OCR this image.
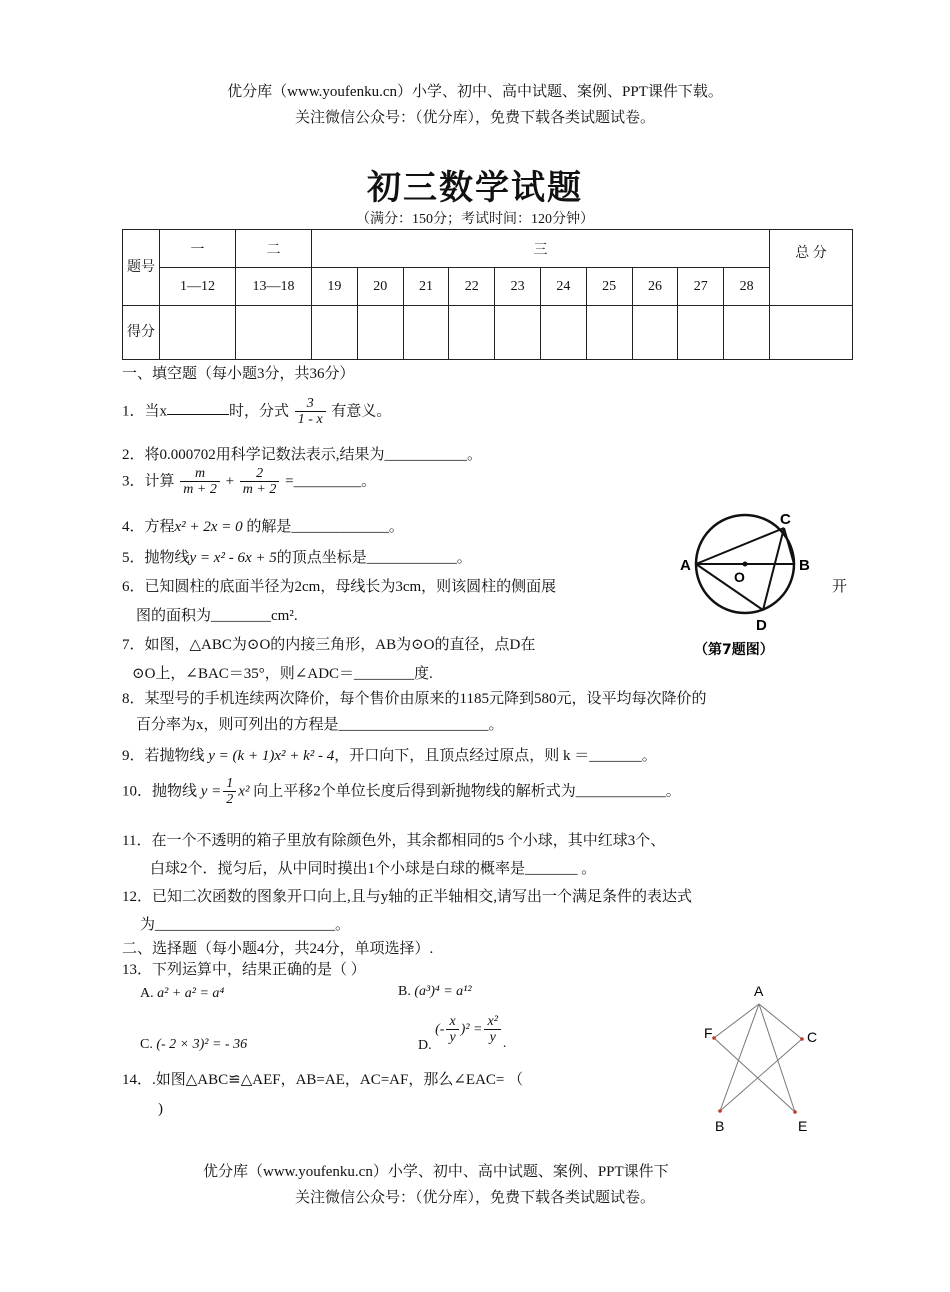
优分库（www.youfenku.cn）小学、初中、高中试题、案例、PPT课件下载。
关注微信公众号：（优分库），免费下载各类试题试卷。
初三数学试题
（满分：150分；考试时间：120分钟）
题号	一	二	三										总 分
	1—12	13—18	19	20	21	22	23	24	25	26	27	28	
得分													
一、填空题（每小题3分，共36分）
1．当x	时，分式 $\frac{3}{1 - x}$ 有意义。
2．将0.000702用科学记数法表示,结果为___________。
3．计算 $\frac{m}{m + 2} + \frac{2}{m + 2}$ =_________。
4．方程x² + 2x = 0 的解是_____________。
5．抛物线y = x² - 6x + 5的顶点坐标是____________。
6．已知圆柱的底面半径为2cm，母线长为3cm，则该圆柱的侧面展	开
图的面积为________cm².
7．如图，△ABC为⊙O的内接三角形，AB为⊙O的直径，点D在
⊙O上，∠BAC＝35°，则∠ADC＝________度.
8．某型号的手机连续两次降价，每个售价由原来的1185元降到580元，设平均每次降价的
百分率为x，则可列出的方程是____________________。
9．若抛物线 y = (k + 1)x² + k² - 4，开口向下，且顶点经过原点，则 k ＝_______。
10．抛物线 $y = \frac{1}{2} x^2$ 向上平移2个单位长度后得到新抛物线的解析式为____________。
11．在一个不透明的箱子里放有除颜色外，其余都相同的5 个小球，其中红球3个、
白球2个．搅匀后，从中同时摸出1个小球是白球的概率是_______ 。
12．已知二次函数的图象开口向上,且与y轴的正半轴相交,请写出一个满足条件的表达式
为________________________。
二、选择题（每小题4分，共24分，单项选择）.
13．下列运算中，结果正确的是（ ）
A. a² + a² = a⁴	B. (a³)⁴ = a¹²
C. (- 2 × 3)² = - 36	D. (- $\frac{x}{y} )^2 = \frac{\text{x²}}{y}$ .
14．.如图△ABC≌△AEF，AB=AE，AC=AF，那么∠EAC= （
)
A	B
C
D
O
（第7题图）
A
F	C
B	E
优分库（www.youfenku.cn）小学、初中、高中试题、案例、PPT课件下
关注微信公众号：（优分库），免费下载各类试题试卷。
